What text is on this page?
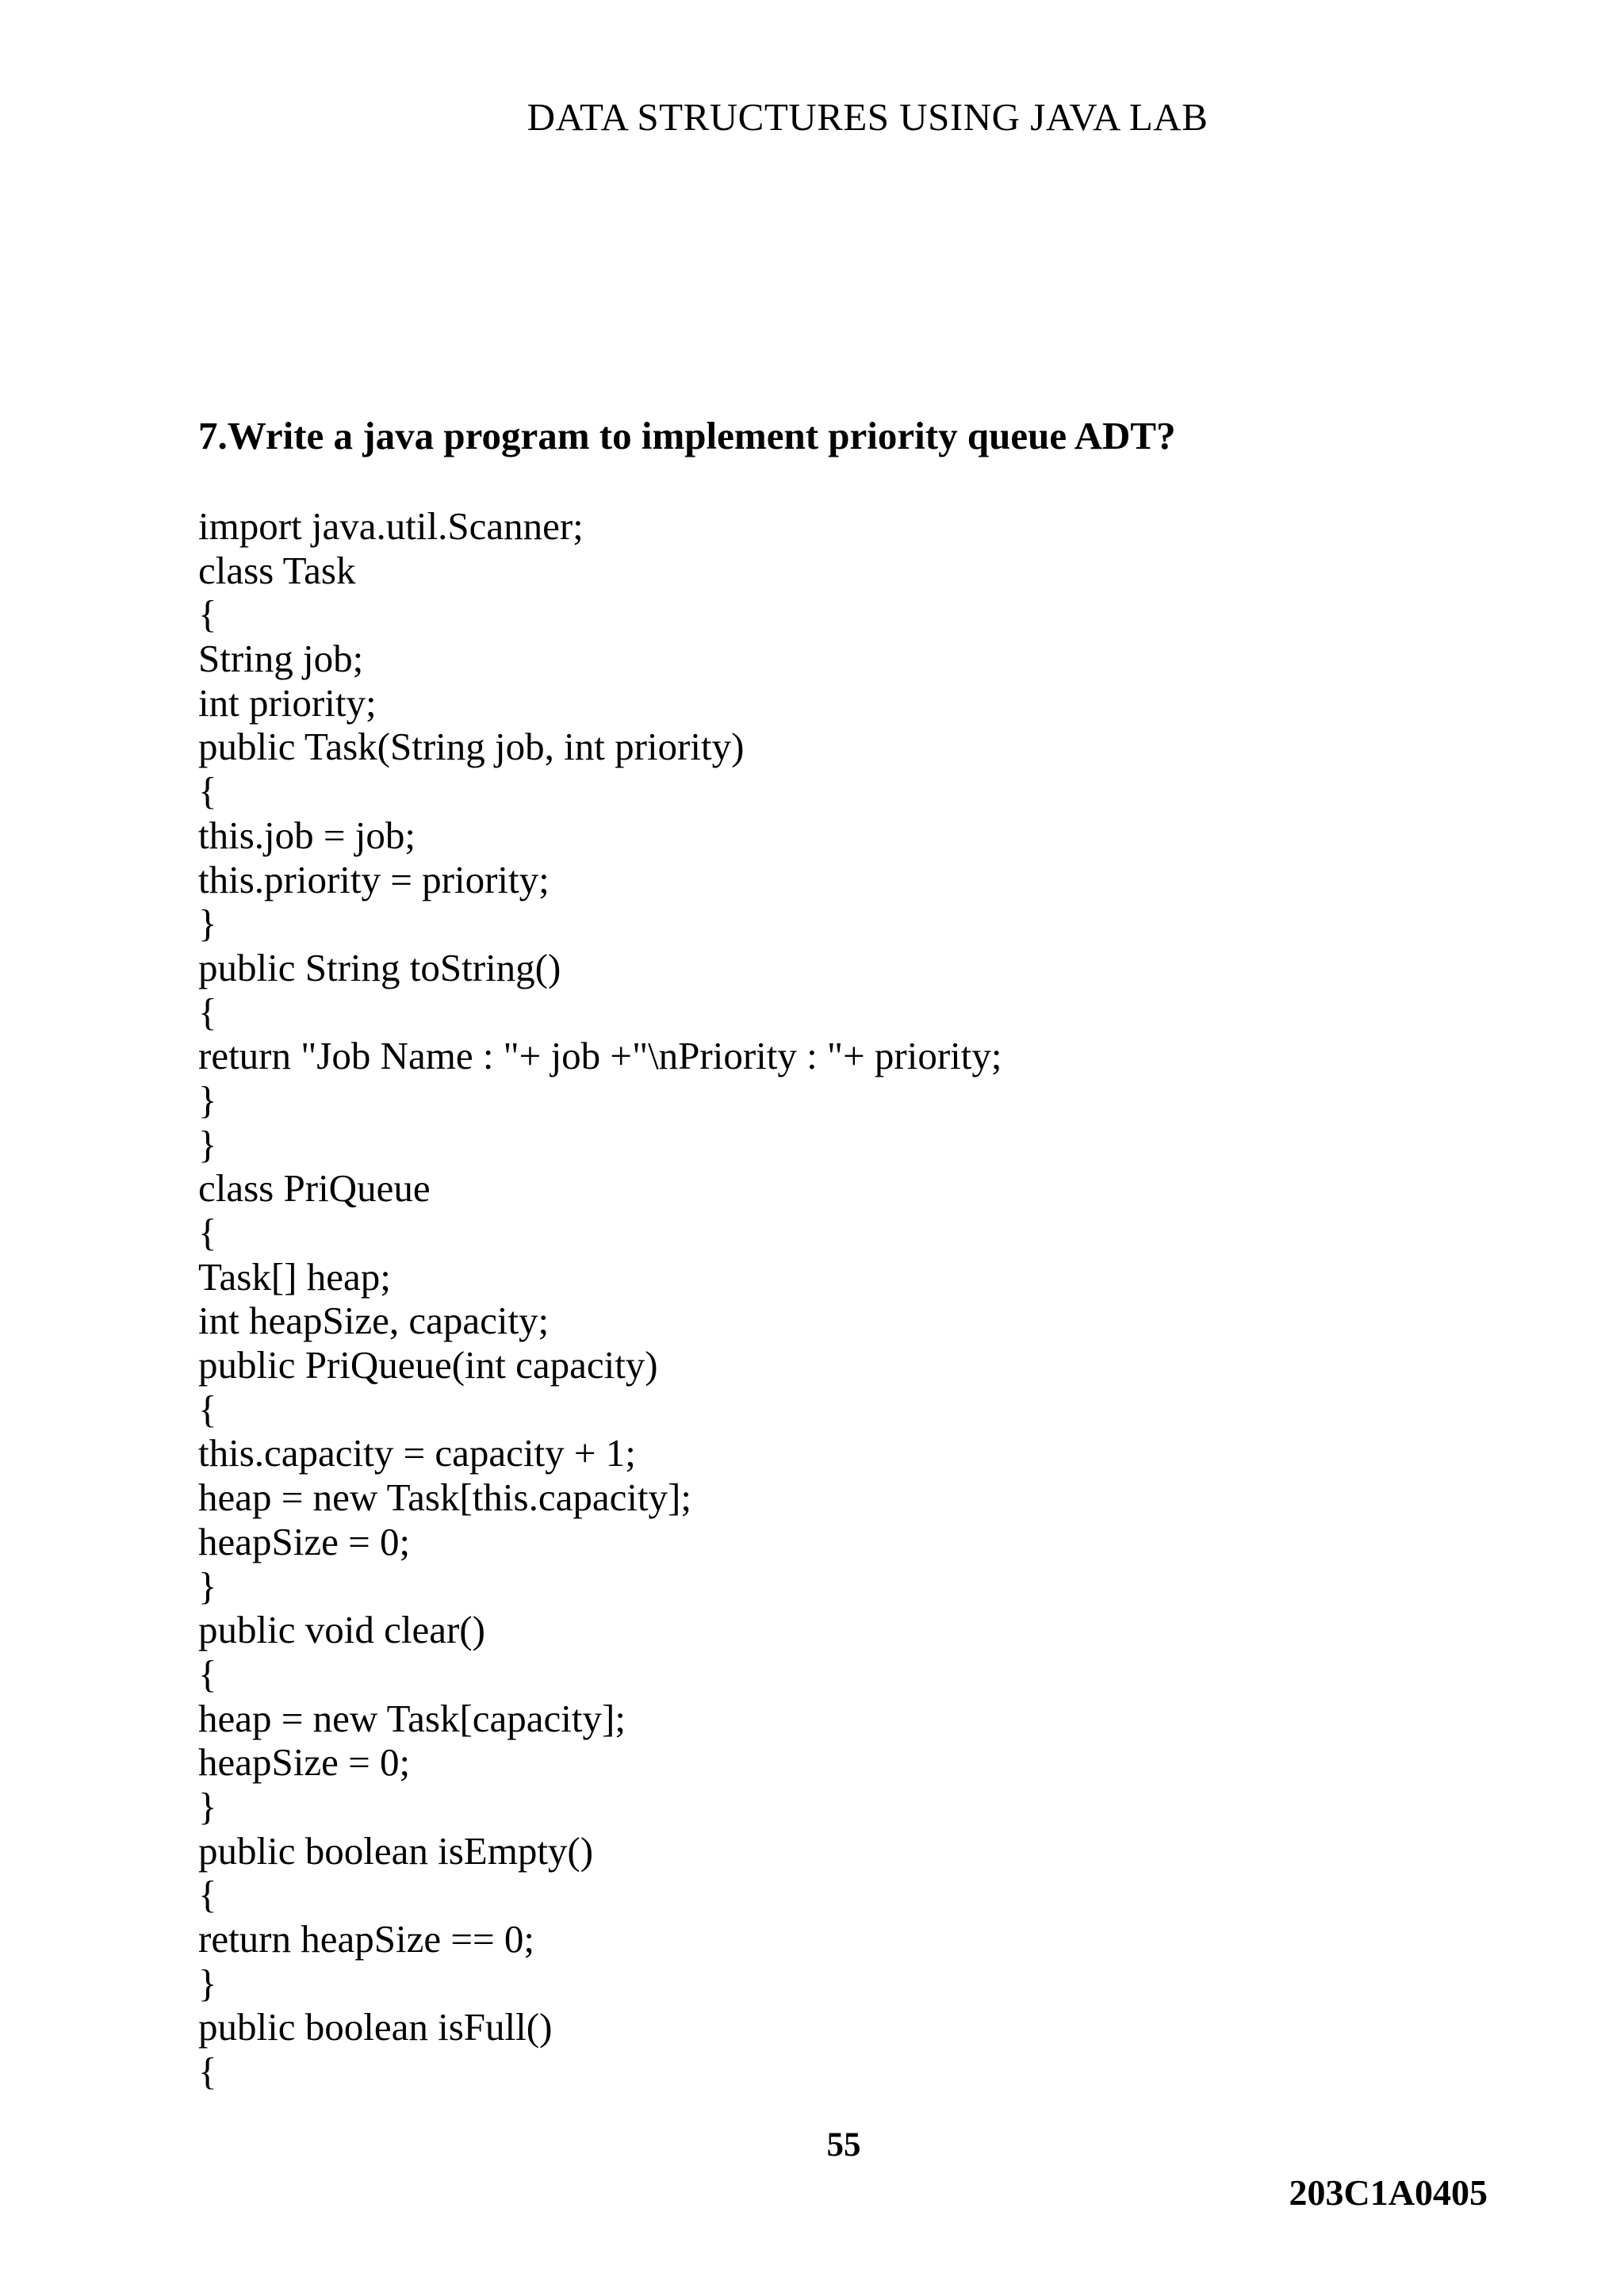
DATA STRUCTURES USING JAVA LAB
7.Write a java program to implement priority queue ADT?
import java.util.Scanner;
class Task
{
String job;
int priority;
public Task(String job, int priority)
{
this.job = job;
this.priority = priority;
}
public String toString()
{
return "Job Name : "+ job +"\nPriority : "+ priority;
}
}
class PriQueue
{
Task[] heap;
int heapSize, capacity;
public PriQueue(int capacity)
{
this.capacity = capacity + 1;
heap = new Task[this.capacity];
heapSize = 0;
}
public void clear()
{
heap = new Task[capacity];
heapSize = 0;
}
public boolean isEmpty()
{
return heapSize == 0;
}
public boolean isFull()
{
55
203C1A0405
